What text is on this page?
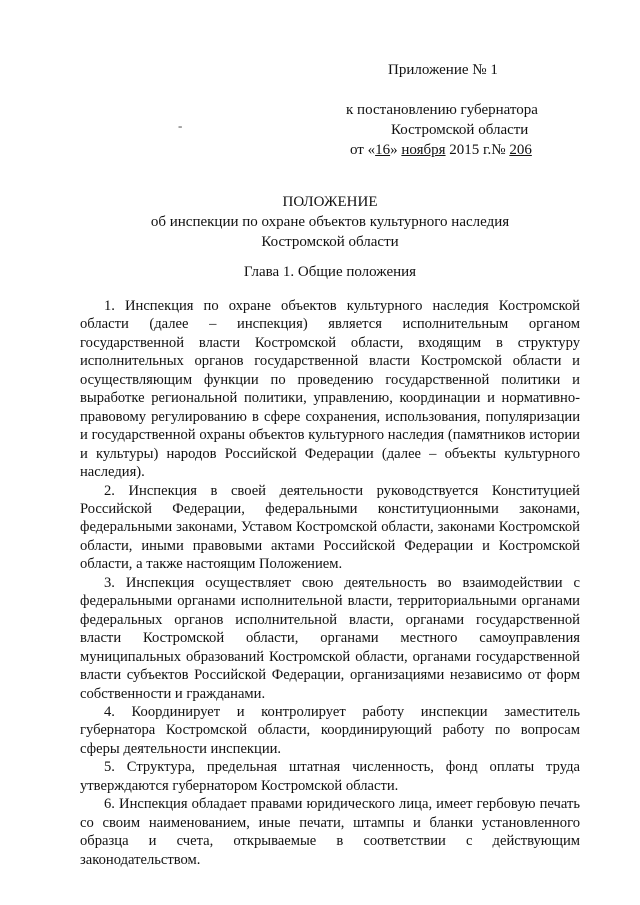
Приложение № 1
к постановлению губернатора
Костромской области
от «16» ноября 2015 г.№ 206
-
ПОЛОЖЕНИЕ
об инспекции по охране объектов культурного наследия
Костромской области
Глава 1. Общие положения

1. Инспекция по охране объектов культурного наследия Костромской области (далее – инспекция) является исполнительным органом государственной власти Костромской области, входящим в структуру исполнительных органов государственной власти Костромской области и осуществляющим функции по проведению государственной политики и выработке региональной политики, управлению, координации и нормативно-правовому регулированию в сфере сохранения, использования, популяризации и государственной охраны объектов культурного наследия (памятников истории и культуры) народов Российской Федерации (далее – объекты культурного наследия).

2. Инспекция в своей деятельности руководствуется Конституцией Российской Федерации, федеральными конституционными законами, федеральными законами, Уставом Костромской области, законами Костромской области, иными правовыми актами Российской Федерации и Костромской области, а также настоящим Положением.

3. Инспекция осуществляет свою деятельность во взаимодействии с федеральными органами исполнительной власти, территориальными органами федеральных органов исполнительной власти, органами государственной власти Костромской области, органами местного самоуправления муниципальных образований Костромской области, органами государственной власти субъектов Российской Федерации, организациями независимо от форм собственности и гражданами.

4. Координирует и контролирует работу инспекции заместитель губернатора Костромской области, координирующий работу по вопросам сферы деятельности инспекции.

5. Структура, предельная штатная численность, фонд оплаты труда утверждаются губернатором Костромской области.

6. Инспекция обладает правами юридического лица, имеет гербовую печать со своим наименованием, иные печати, штампы и бланки установленного образца и счета, открываемые в соответствии с действующим законодательством.
